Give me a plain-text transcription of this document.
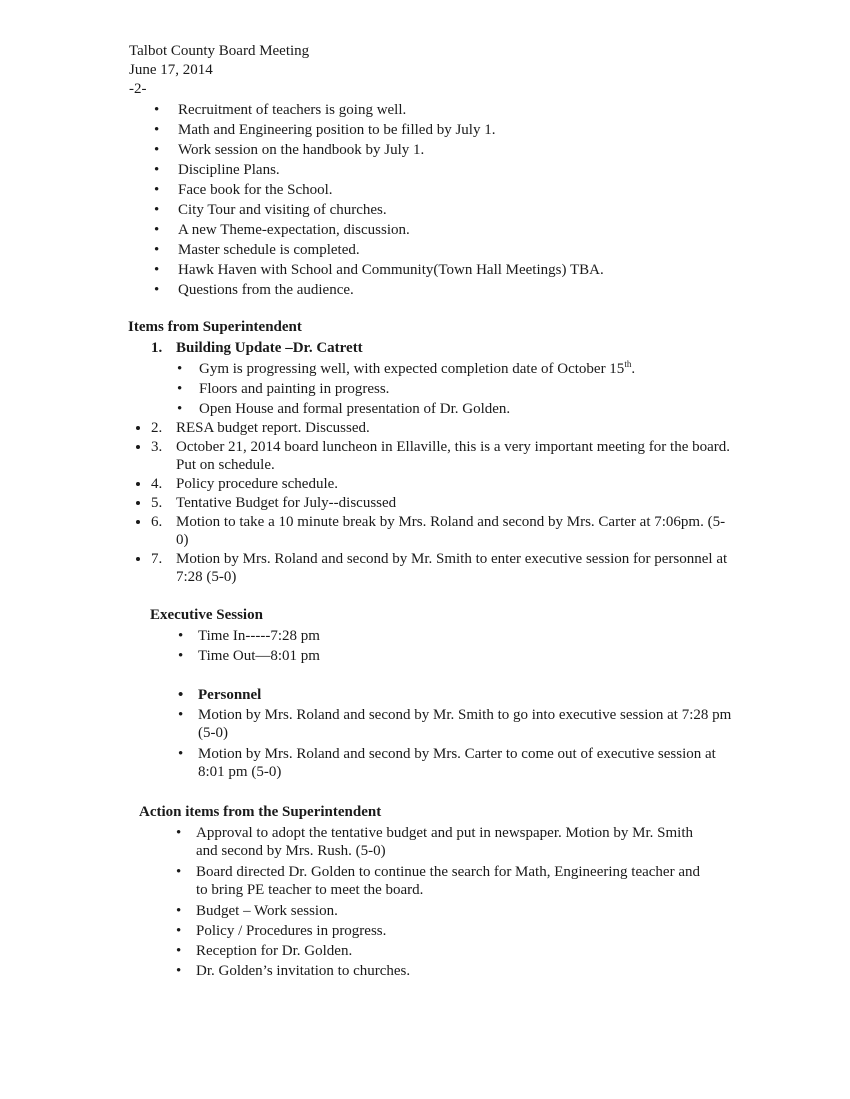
Talbot County Board Meeting
June 17, 2014
-2-
• Recruitment of teachers is going well.
• Math and Engineering position to be filled by July 1.
• Work session on the handbook by July 1.
• Discipline Plans.
• Face book for the School.
• City Tour and visiting of churches.
• A new Theme-expectation, discussion.
• Master schedule is completed.
• Hawk Haven with School and Community(Town Hall Meetings) TBA.
• Questions from the audience.
Items from Superintendent
1. Building Update –Dr. Catrett
• Gym is progressing well, with expected completion date of October 15th.
• Floors and painting in progress.
• Open House and formal presentation of Dr. Golden.
• 2. RESA budget report. Discussed.
• 3. October 21, 2014 board luncheon in Ellaville, this is a very important meeting for the board. Put on schedule.
• 4. Policy procedure schedule.
• 5. Tentative Budget for July--discussed
• 6. Motion to take a 10 minute break by Mrs. Roland and second by Mrs. Carter at 7:06pm. (5-0)
• 7. Motion by Mrs. Roland and second by Mr. Smith to enter executive session for personnel at 7:28 (5-0)
Executive Session
• Time In-----7:28 pm
• Time Out—8:01 pm
• Personnel
• Motion by Mrs. Roland and second by Mr. Smith to go into executive session at 7:28 pm (5-0)
• Motion by Mrs. Roland and second by Mrs. Carter to come out of executive session at 8:01 pm (5-0)
Action items from the Superintendent
• Approval to adopt the tentative budget and put in newspaper. Motion by Mr. Smith and second by Mrs. Rush. (5-0)
• Board directed Dr. Golden to continue the search for Math, Engineering teacher and to bring PE teacher to meet the board.
• Budget – Work session.
• Policy / Procedures in progress.
• Reception for Dr. Golden.
• Dr. Golden’s invitation to churches.
